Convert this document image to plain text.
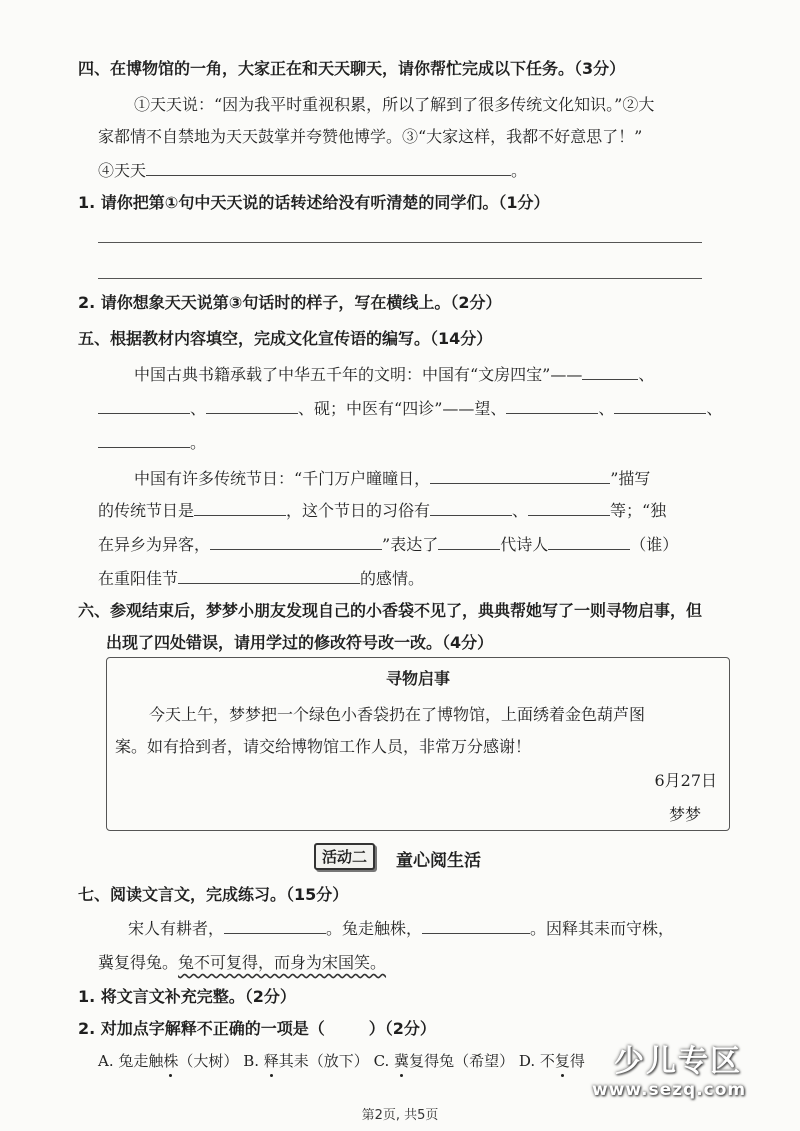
四、在博物馆的一角，大家正在和天天聊天，请你帮忙完成以下任务。（3分）
①天天说：“因为我平时重视积累，所以了解到了很多传统文化知识。”②大
家都情不自禁地为天天鼓掌并夸赞他博学。③“大家这样，我都不好意思了！”
④天天	。
1. 请你把第①句中天天说的话转述给没有听清楚的同学们。（1分）
2. 请你想象天天说第③句话时的样子，写在横线上。（2分）
五、根据教材内容填空，完成文化宣传语的编写。（14分）
中国古典书籍承载了中华五千年的文明：中国有“文房四宝”——	、
、	、砚；中医有“四诊”——望、	、	、
。
中国有许多传统节日：“千门万户曈曈日，	”描写
的传统节日是	，这个节日的习俗有	、	等；“独
在异乡为异客，	”表达了	代诗人	（谁）
在重阳佳节	的感情。
六、参观结束后，梦梦小朋友发现自己的小香袋不见了，典典帮她写了一则寻物启事，但
出现了四处错误，请用学过的修改符号改一改。（4分）
寻物启事
今天上午，梦梦把一个绿色小香袋扔在了博物馆，上面绣着金色葫芦图
案。如有拾到者，请交给博物馆工作人员，非常万分感谢！
6月27日
梦梦
活动二	童心阅生活
七、阅读文言文，完成练习。（15分）
宋人有耕者，	。兔走触株，	。因释其耒而守株，
冀复得兔。兔不可复得，而身为宋国笑。
1. 将文言文补充完整。（2分）
2. 对加点字解释不正确的一项是（	）（2分）
A. 兔走触株（大树） B. 释其耒（放下） C. 冀复得兔（希望） D. 不复得 少儿专区
www.sezq.com
第2页, 共5页
